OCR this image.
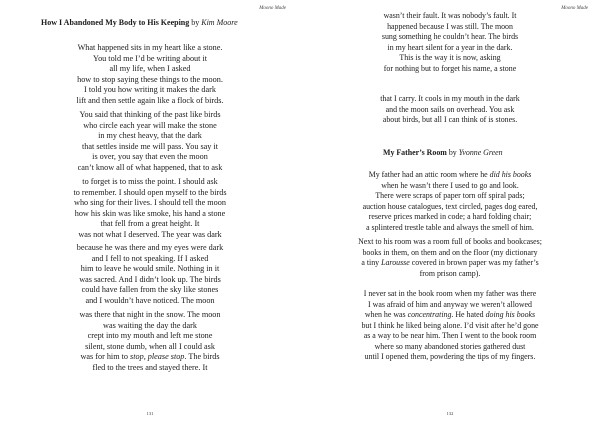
Moono Made
How I Abandoned My Body to His Keeping by Kim Moore
What happened sits in my heart like a stone.
You told me I’d be writing about it
all my life, when I asked
how to stop saying these things to the moon.
I told you how writing it makes the dark
lift and then settle again like a flock of birds.
You said that thinking of the past like birds
who circle each year will make the stone
in my chest heavy, that the dark
that settles inside me will pass. You say it
is over, you say that even the moon
can’t know all of what happened, that to ask
to forget is to miss the point. I should ask
to remember. I should open myself to the birds
who sing for their lives. I should tell the moon
how his skin was like smoke, his hand a stone
that fell from a great height. It
was not what I deserved. The year was dark
because he was there and my eyes were dark
and I fell to not speaking. If I asked
him to leave he would smile. Nothing in it
was sacred. And I didn’t look up. The birds
could have fallen from the sky like stones
and I wouldn’t have noticed. The moon
was there that night in the snow. The moon
was waiting the day the dark
crept into my mouth and left me stone
silent, stone dumb, when all I could ask
was for him to stop, please stop. The birds
fled to the trees and stayed there. It
131
Moono Made
wasn’t their fault. It was nobody’s fault. It
happened because I was still. The moon
sung something he couldn’t hear. The birds
in my heart silent for a year in the dark.
This is the way it is now, asking
for nothing but to forget his name, a stone
that I carry. It cools in my mouth in the dark
and the moon sails on overhead. You ask
about birds, but all I can think of is stones.
My Father’s Room by Yvonne Green
My father had an attic room where he did his books
when he wasn’t there I used to go and look.
There were scraps of paper torn off spiral pads;
auction house catalogues, text circled, pages dog eared,
reserve prices marked in code; a hard folding chair;
a splintered trestle table and always the smell of him.
Next to his room was a room full of books and bookcases;
books in them, on them and on the floor (my dictionary
a tiny Larousse covered in brown paper was my father’s
from prison camp).
I never sat in the book room when my father was there
I was afraid of him and anyway we weren’t allowed
when he was concentrating. He hated doing his books
but I think he liked being alone. I’d visit after he’d gone
as a way to be near him. Then I went to the book room
where so many abandoned stories gathered dust
until I opened them, powdering the tips of my fingers.
132
